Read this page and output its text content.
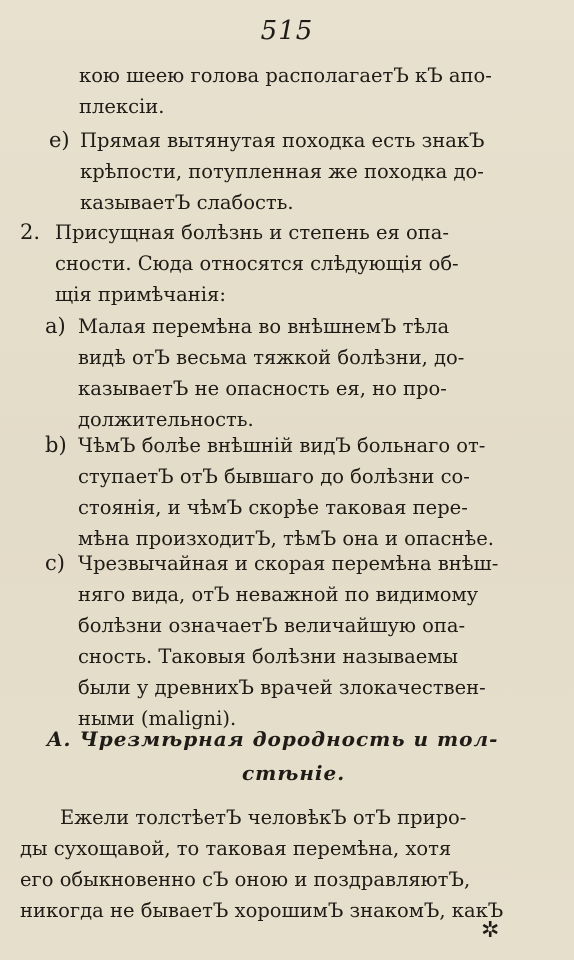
515
кою шеею голова располагаетЪ кЪ апо-
плексіи.
e) Прямая вытянутая походка есть знакЪ
крѣпости, потупленная же походка до-
казываетЪ слабость.
2. Присущная болѣзнь и степень ея опа-
сности. Сюда относятся слѣдующія об-
щія примѣчанія:
a) Малая перемѣна во внѣшнемЪ тѣла
видѣ отЪ весьма тяжкой болѣзни, до-
казываетЪ не опасность ея, но про-
должительность.
b) ЧѣмЪ болѣе внѣшній видЪ больнаго от-
ступаетЪ отЪ бывшаго до болѣзни со-
стоянія, и чѣмЪ скорѣе таковая пере-
мѣна произходитЪ, тѣмЪ она и опаснѣе.
c) Чрезвычайная и скорая перемѣна внѣш-
няго вида, отЪ неважной по видимому
болѣзни означаетЪ величайшую опа-
сность. Таковыя болѣзни называемы
были у древнихЪ врачей злокачествен-
ными (maligni).
A. Чрезмѣрная дородность и тол-
стѣніе.
Ежели толстѣетЪ человѣкЪ отЪ приро-
ды сухощавой, то таковая перемѣна, хотя
его обыкновенно сЪ оною и поздравляютЪ,
никогда не бываетЪ хорошимЪ знакомЪ, какЪ
✲
